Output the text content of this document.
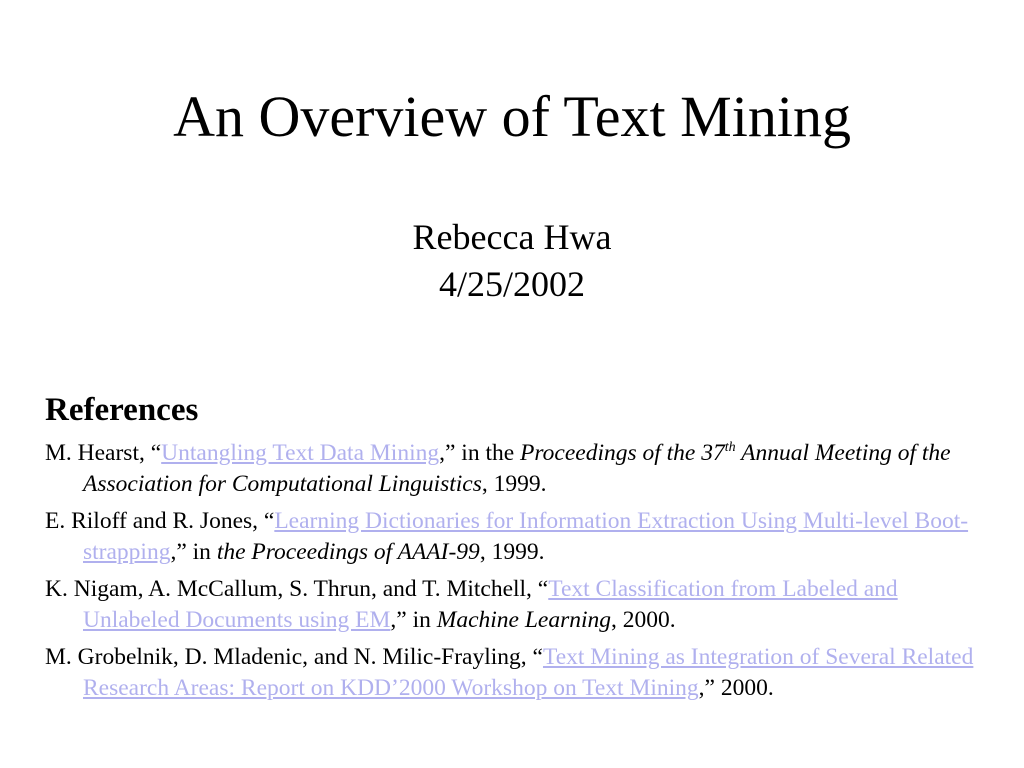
An Overview of Text Mining
Rebecca Hwa
4/25/2002
References
M. Hearst, “Untangling Text Data Mining,” in the Proceedings of the 37th Annual Meeting of the Association for Computational Linguistics, 1999.
E. Riloff and R. Jones, “Learning Dictionaries for Information Extraction Using Multi-level Boot-strapping,” in the Proceedings of AAAI-99, 1999.
K. Nigam, A. McCallum, S. Thrun, and T. Mitchell, “Text Classification from Labeled and Unlabeled Documents using EM,” in Machine Learning, 2000.
M. Grobelnik, D. Mladenic, and N. Milic-Frayling, “Text Mining as Integration of Several Related Research Areas: Report on KDD’2000 Workshop on Text Mining,” 2000.
